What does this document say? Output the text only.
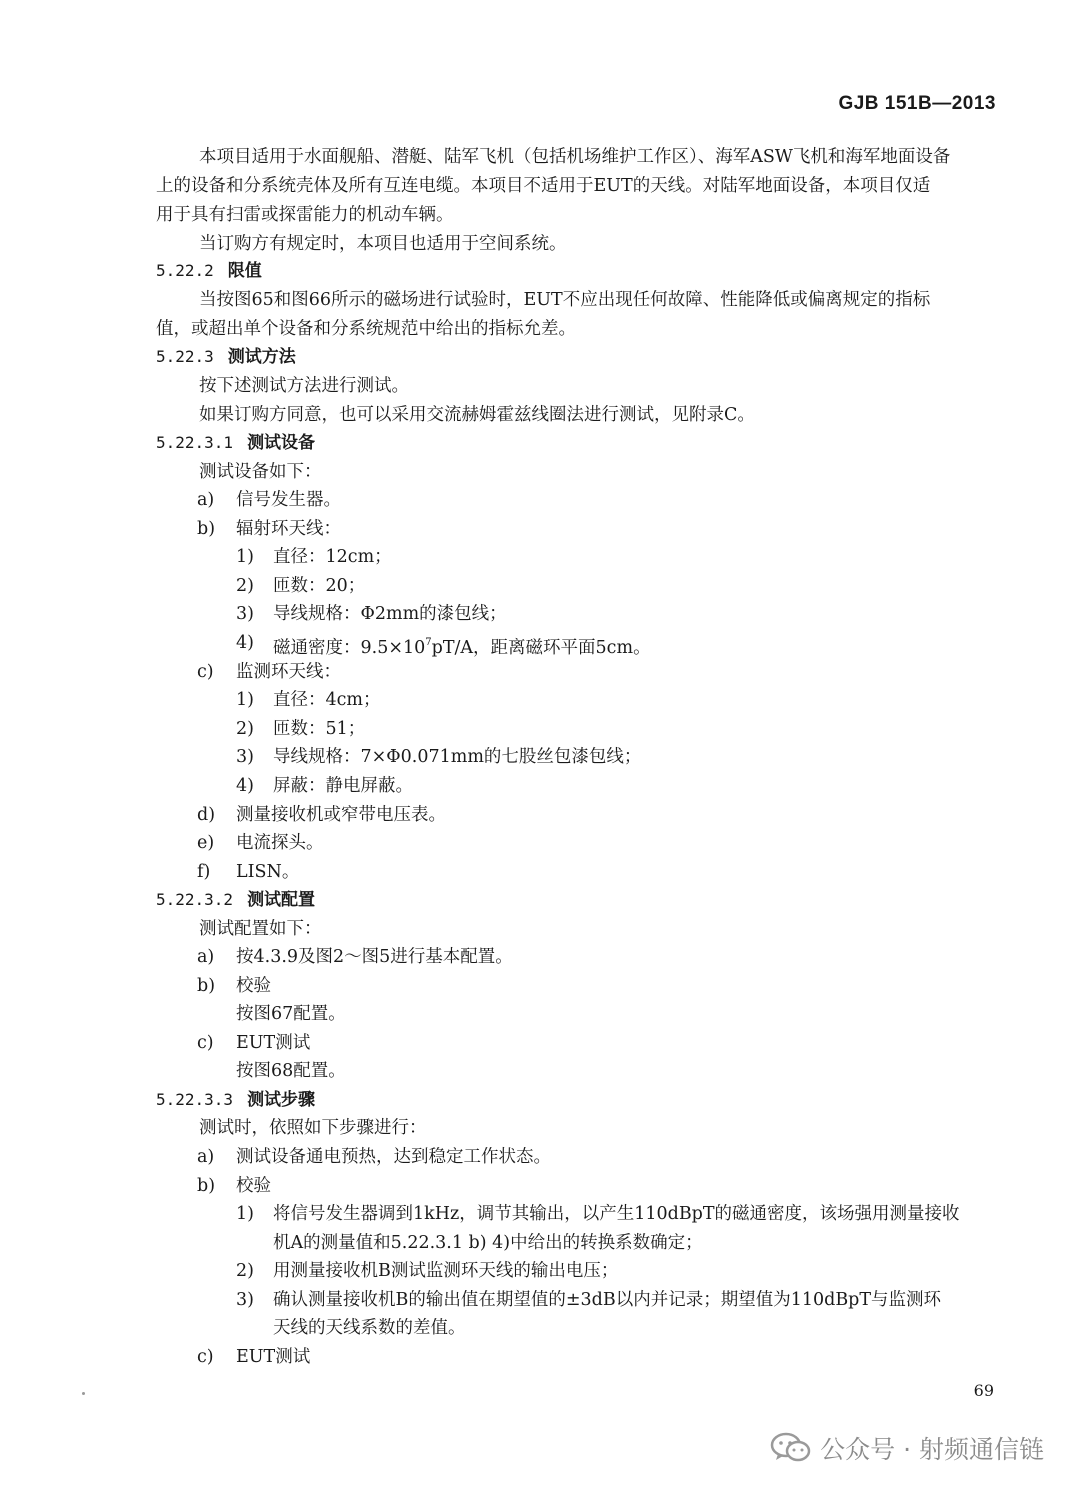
GJB 151B—2013
本项目适用于水面舰船、潜艇、陆军飞机（包括机场维护工作区）、海军ASW飞机和海军地面设备
上的设备和分系统壳体及所有互连电缆。本项目不适用于EUT的天线。对陆军地面设备，本项目仅适
用于具有扫雷或探雷能力的机动车辆。
当订购方有规定时，本项目也适用于空间系统。
5.22.2 限值
当按图65和图66所示的磁场进行试验时，EUT不应出现任何故障、性能降低或偏离规定的指标
值，或超出单个设备和分系统规范中给出的指标允差。
5.22.3 测试方法
按下述测试方法进行测试。
如果订购方同意，也可以采用交流赫姆霍兹线圈法进行测试，见附录C。
5.22.3.1 测试设备
测试设备如下：
a) 信号发生器。
b) 辐射环天线：
1) 直径：12cm；
2) 匝数：20；
3) 导线规格：Φ2mm的漆包线；
4) 磁通密度：$9.5\times 10^7pT/A$，距离磁环平面5cm。
c) 监测环天线：
1) 直径：4cm；
2) 匝数：51；
3) 导线规格：7×Φ0.071mm的七股丝包漆包线；
4) 屏蔽：静电屏蔽。
d) 测量接收机或窄带电压表。
e) 电流探头。
f) LISN。
5.22.3.2 测试配置
测试配置如下：
a) 按4.3.9及图2～图5进行基本配置。
b) 校验
按图67配置。
c) EUT测试
按图68配置。
5.22.3.3 测试步骤
测试时，依照如下步骤进行：
a) 测试设备通电预热，达到稳定工作状态。
b) 校验
1) 将信号发生器调到1kHz，调节其输出，以产生110dBpT的磁通密度，该场强用测量接收
机A的测量值和5.22.3.1 b) 4)中给出的转换系数确定；
2) 用测量接收机B测试监测环天线的输出电压；
3) 确认测量接收机B的输出值在期望值的±3dB以内并记录；期望值为110dBpT与监测环
天线的天线系数的差值。
c) EUT测试
69
公众号 · 射频通信链
